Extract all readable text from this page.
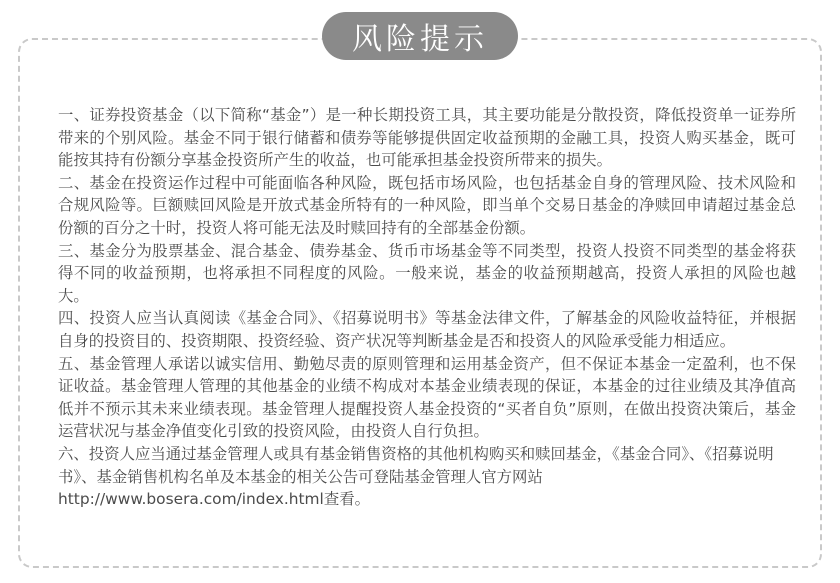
风险提示

一、证券投资基金（以下简称“基金”）是一种长期投资工具，其主要功能是分散投资，降低投资单一证券所带来的个别风险。基金不同于银行储蓄和债券等能够提供固定收益预期的金融工具，投资人购买基金，既可能按其持有份额分享基金投资所产生的收益，也可能承担基金投资所带来的损失。

二、基金在投资运作过程中可能面临各种风险，既包括市场风险，也包括基金自身的管理风险、技术风险和合规风险等。巨额赎回风险是开放式基金所特有的一种风险，即当单个交易日基金的净赎回申请超过基金总份额的百分之十时，投资人将可能无法及时赎回持有的全部基金份额。

三、基金分为股票基金、混合基金、债券基金、货币市场基金等不同类型，投资人投资不同类型的基金将获得不同的收益预期，也将承担不同程度的风险。一般来说，基金的收益预期越高，投资人承担的风险也越大。

四、投资人应当认真阅读《基金合同》、《招募说明书》等基金法律文件，了解基金的风险收益特征，并根据自身的投资目的、投资期限、投资经验、资产状况等判断基金是否和投资人的风险承受能力相适应。

五、基金管理人承诺以诚实信用、勤勉尽责的原则管理和运用基金资产，但不保证本基金一定盈利，也不保证收益。基金管理人管理的其他基金的业绩不构成对本基金业绩表现的保证，本基金的过往业绩及其净值高低并不预示其未来业绩表现。基金管理人提醒投资人基金投资的“买者自负”原则，在做出投资决策后，基金运营状况与基金净值变化引致的投资风险，由投资人自行负担。

六、投资人应当通过基金管理人或具有基金销售资格的其他机构购买和赎回基金，《基金合同》、《招募说明书》、基金销售机构名单及本基金的相关公告可登陆基金管理人官方网站http://www.bosera.com/index.html查看。
